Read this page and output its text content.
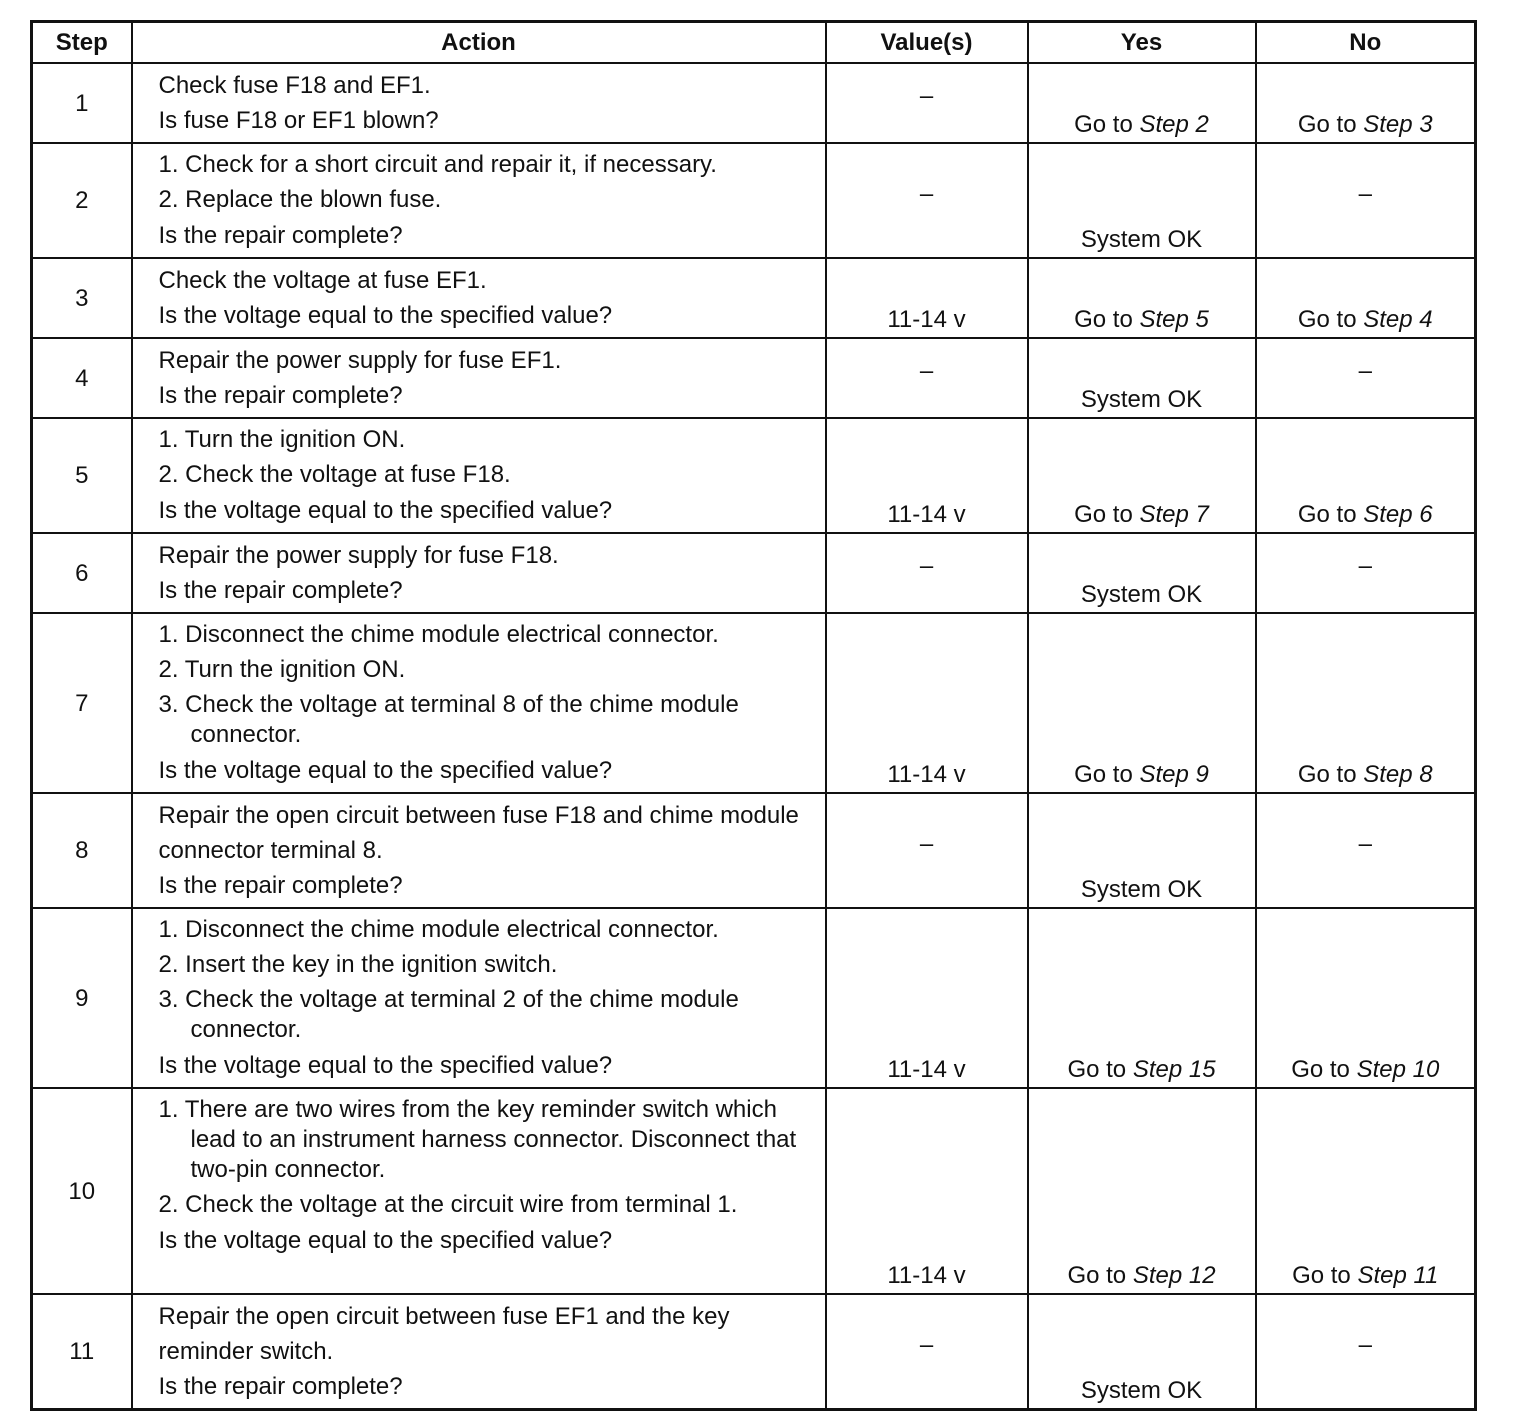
Step	Action	Value(s)	Yes	No
1	Check fuse F18 and EF1.
Is fuse F18 or EF1 blown?	–	Go to Step 2	Go to Step 3

2	1. Check for a short circuit and repair it, if necessary.
2. Replace the blown fuse.
Is the repair complete?	–	System OK	–

3	Check the voltage at fuse EF1.
Is the voltage equal to the specified value?	11-14 v	Go to Step 5	Go to Step 4

4	Repair the power supply for fuse EF1.
Is the repair complete?	–	System OK	–

5	1. Turn the ignition ON.
2. Check the voltage at fuse F18.
Is the voltage equal to the specified value?	11-14 v	Go to Step 7	Go to Step 6

6	Repair the power supply for fuse F18.
Is the repair complete?	–	System OK	–

7	1. Disconnect the chime module electrical connector.
2. Turn the ignition ON.
3. Check the voltage at terminal 8 of the chime module connector.
Is the voltage equal to the specified value?	11-14 v	Go to Step 9	Go to Step 8

8	Repair the open circuit between fuse F18 and chime module connector terminal 8.
Is the repair complete?	–	System OK	–

9	1. Disconnect the chime module electrical connector.
2. Insert the key in the ignition switch.
3. Check the voltage at terminal 2 of the chime module connector.
Is the voltage equal to the specified value?	11-14 v	Go to Step 15	Go to Step 10

10	1. There are two wires from the key reminder switch which lead to an instrument harness connector. Disconnect that two-pin connector.
2. Check the voltage at the circuit wire from terminal 1.
Is the voltage equal to the specified value?	11-14 v	Go to Step 12	Go to Step 11

11	Repair the open circuit between fuse EF1 and the key reminder switch.
Is the repair complete?	–	System OK	–
